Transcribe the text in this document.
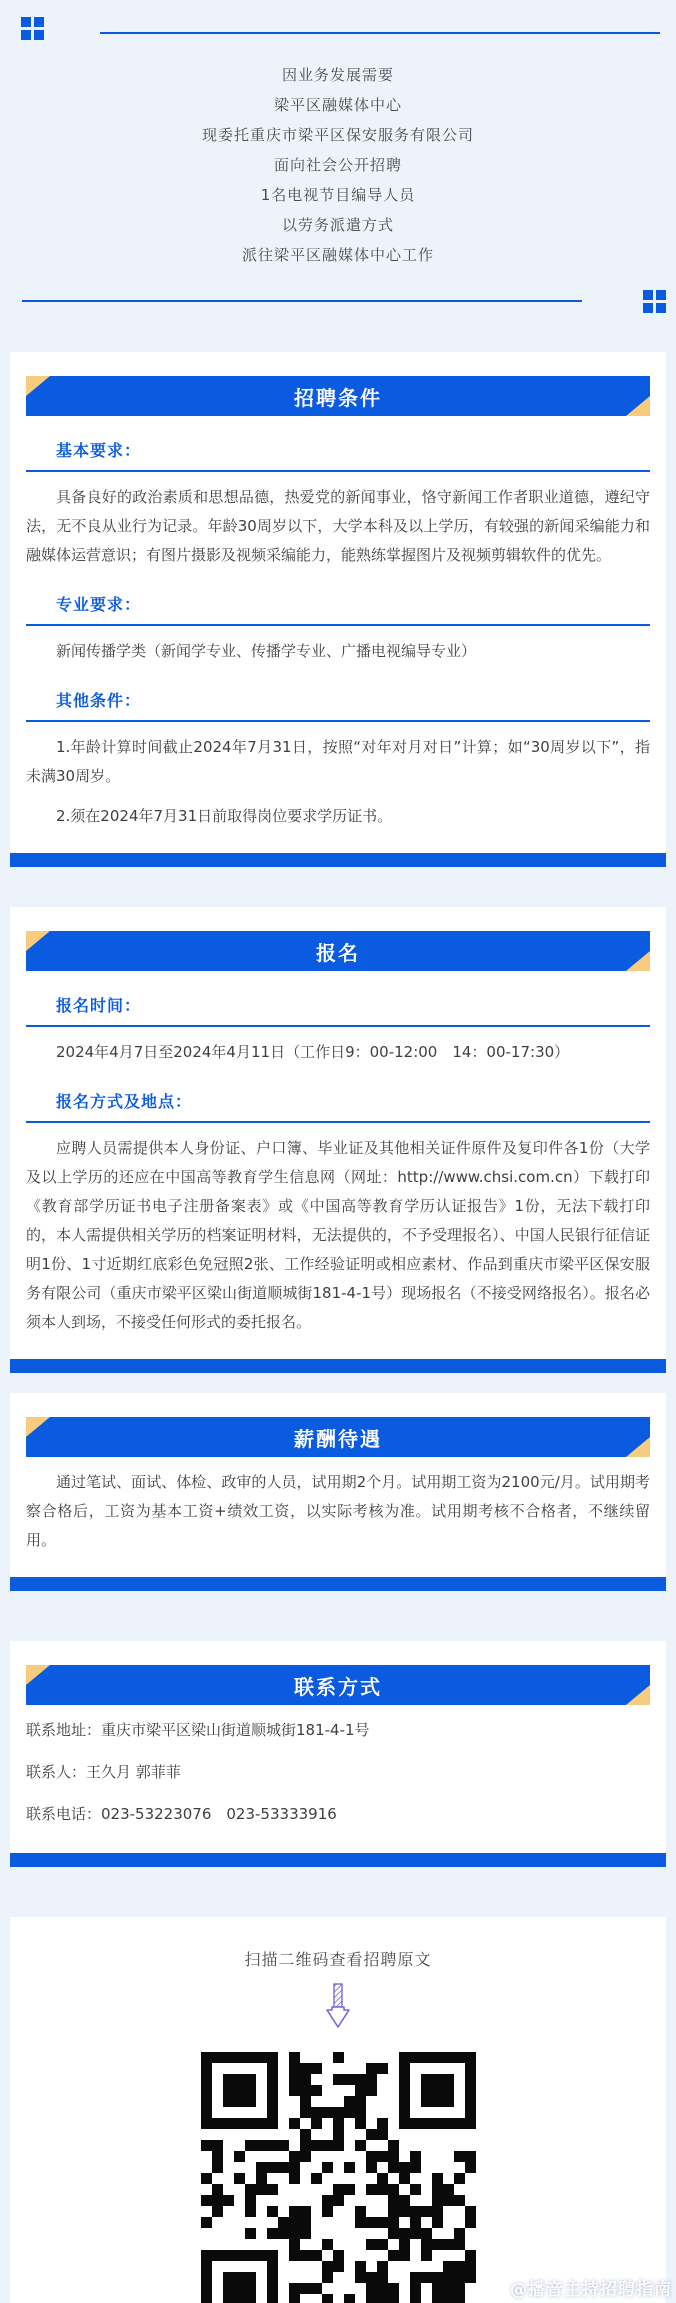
因业务发展需要

梁平区融媒体中心

现委托重庆市梁平区保安服务有限公司

面向社会公开招聘

1名电视节目编导人员

以劳务派遣方式

派往梁平区融媒体中心工作

招聘条件
基本要求：

具备良好的政治素质和思想品德，热爱党的新闻事业，恪守新闻工作者职业道德，遵纪守法，无不良从业行为记录。年龄30周岁以下，大学本科及以上学历，有较强的新闻采编能力和融媒体运营意识；有图片摄影及视频采编能力，能熟练掌握图片及视频剪辑软件的优先。

专业要求：

新闻传播学类（新闻学专业、传播学专业、广播电视编导专业）

其他条件：

1.年龄计算时间截止2024年7月31日，按照“对年对月对日”计算；如“30周岁以下”，指未满30周岁。

2.须在2024年7月31日前取得岗位要求学历证书。

报名
报名时间：

2024年4月7日至2024年4月11日（工作日9：00-12:00　14：00-17:30）

报名方式及地点：

应聘人员需提供本人身份证、户口簿、毕业证及其他相关证件原件及复印件各1份（大学及以上学历的还应在中国高等教育学生信息网（网址：http://www.chsi.com.cn）下载打印《教育部学历证书电子注册备案表》或《中国高等教育学历认证报告》1份，无法下载打印的，本人需提供相关学历的档案证明材料，无法提供的，不予受理报名）、中国人民银行征信证明1份、1寸近期红底彩色免冠照2张、工作经验证明或相应素材、作品到重庆市梁平区保安服务有限公司（重庆市梁平区梁山街道顺城街181-4-1号）现场报名（不接受网络报名）。报名必须本人到场，不接受任何形式的委托报名。

薪酬待遇

通过笔试、面试、体检、政审的人员，试用期2个月。试用期工资为2100元/月。试用期考察合格后，工资为基本工资+绩效工资，以实际考核为准。试用期考核不合格者，不继续留用。

联系方式

联系地址：重庆市梁平区梁山街道顺城街181-4-1号

联系人：王久月 郭菲菲

联系电话：023-53223076　023-53333916

扫描二维码查看招聘原文

@播音主持招聘指南
